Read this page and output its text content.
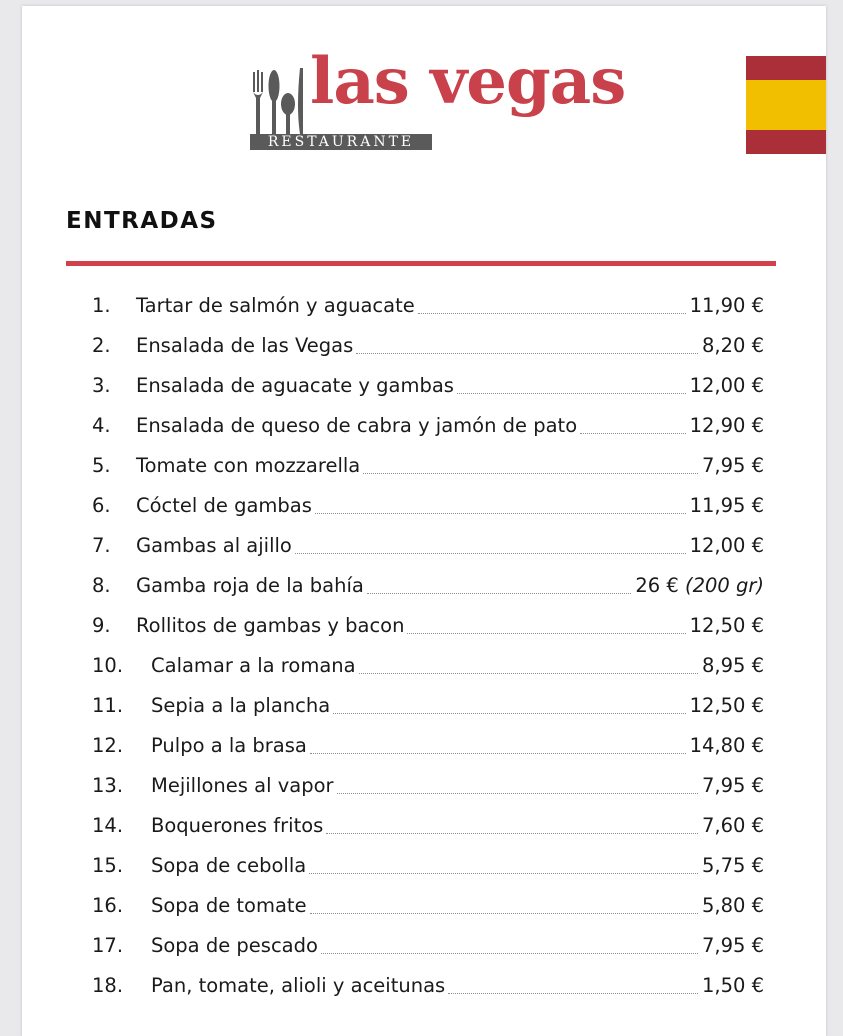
las vegas
RESTAURANTE
ENTRADAS
1.	Tartar de salmón y aguacate	11,90 €
2.	Ensalada de las Vegas	8,20 €
3.	Ensalada de aguacate y gambas	12,00 €
4.	Ensalada de queso de cabra y jamón de pato	12,90 €
5.	Tomate con mozzarella	7,95 €
6.	Cóctel de gambas	11,95 €
7.	Gambas al ajillo	12,00 €
8.	Gamba roja de la bahía	26 € (200 gr)
9.	Rollitos de gambas y bacon	12,50 €
10.	Calamar a la romana	8,95 €
11.	Sepia a la plancha	12,50 €
12.	Pulpo a la brasa	14,80 €
13.	Mejillones al vapor	7,95 €
14.	Boquerones fritos	7,60 €
15.	Sopa de cebolla	5,75 €
16.	Sopa de tomate	5,80 €
17.	Sopa de pescado	7,95 €
18.	Pan, tomate, alioli y aceitunas	1,50 €
